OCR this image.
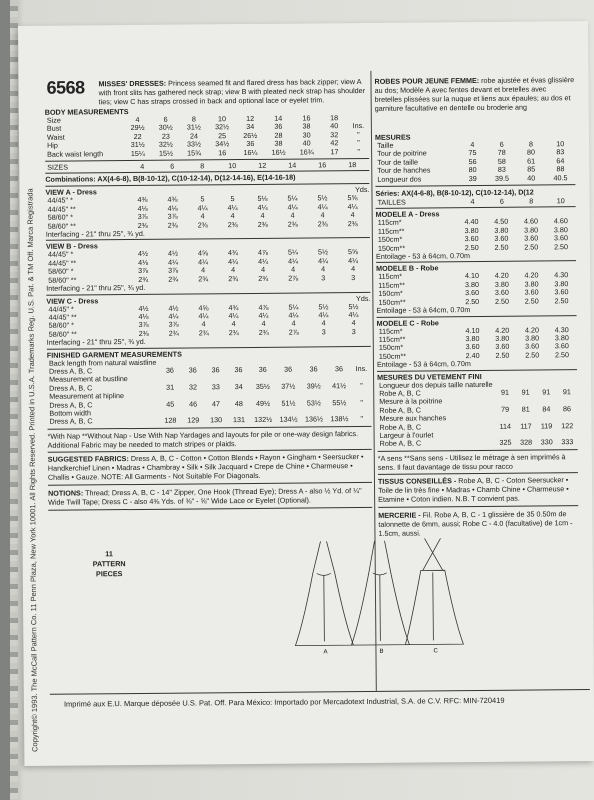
Copyright© 1993. The McCall Pattern Co. 11 Penn Plaza, New York 10001. All Rights Reserved. Printed in U.S.A. Trademarks Reg. U.S. Pat. & TM Off. Marca Registrada
6568 MISSES' DRESSES: Princess seamed fit and flared dress has back zipper; view A with front slits has gathered neck strap; view B with pleated neck strap has shoulder ties; view C has straps crossed in back and optional lace or eyelet trim.
BODY MEASUREMENTS
Size	4	6	8	10	12	14	16	18	
Bust	29½	30½	31½	32½	34	36	38	40	Ins.
Waist	22	23	24	25	26½	28	30	32	"
Hip	31½	32½	33½	34½	36	38	40	42	"
Back waist length	15¼	15½	15¾	16	16¼	16½	16¾	17	"
SIZES	4	6	8	10	12	14	16	18
Combinations: AX(4-6-8), B(8-10-12), C(10-12-14), D(12-14-16), E(14-16-18)
VIEW A - Dress	Yds.
44/45" *	4⅜	4⅜	5	5	5⅛	5¼	5½	5⅝
44/45" **	4⅛	4⅛	4¼	4¼	4¼	4¼	4¼	4¼
58/60" *	3⅞	3⅞	4	4	4	4	4	4
58/60" **	2⅜	2⅜	2⅜	2⅜	2⅜	2⅜	2⅜	2⅜
Interfacing - 21" thru 25", ¾ yd.
VIEW B - Dress
44/45" *	4½	4½	4⅝	4¾	4⅞	5¼	5½	5⅝
44/45" **	4⅛	4¼	4¼	4¼	4¼	4¼	4¼	4¼
58/60" *	3⅞	3⅞	4	4	4	4	4	4
58/60" **	2¾	2¾	2¾	2¾	2¾	2⅞	3	3
Interfacing - 21" thru 25", ¾ yd.
VIEW C - Dress	Yds.
44/45" *	4½	4½	4⅝	4¾	4⅞	5¼	5½	5½
44/45" **	4⅛	4¼	4¼	4¼	4¼	4¼	4¼	4¼
58/60" *	3⅞	3⅞	4	4	4	4	4	4
58/60" **	2⅜	2¾	2¾	2¾	2¾	2⅞	3	3
Interfacing - 21" thru 25", ¾ yd.
FINISHED GARMENT MEASUREMENTS
Back length from natural waistline									
Dress A, B, C	36	36	36	36	36	36	36	36	Ins.
Measurement at bustline									
Dress A, B, C	31	32	33	34	35½	37½	39½	41½	"
Measurement at hipline									
Dress A, B, C	45	46	47	48	49½	51½	53½	55½	"
Bottom width									
Dress A, B, C	128	129	130	131	132½	134½	136½	138½	"
*With Nap **Without Nap - Use With Nap Yardages and layouts for pile or one-way design fabrics. Additional Fabric may be needed to match stripes or plaids.
SUGGESTED FABRICS: Dress A, B, C - Cotton • Cotton Blends • Rayon • Gingham • Seersucker • Handkerchief Linen • Madras • Chambray • Silk • Silk Jacquard • Crepe de Chine • Charmeuse • Challis • Gauze. NOTE: All Garments - Not Suitable For Diagonals.
NOTIONS: Thread; Dress A, B, C - 14" Zipper, One Hook (Thread Eye); Dress A - also ½ Yd. of ¼" Wide Twill Tape; Dress C - also 4⅜ Yds. of ⅜" - ⅝" Wide Lace or Eyelet (Optional).
11
PATTERN
PIECES
A	B	C
ROBES POUR JEUNE FEMME: robe ajustée et évas glissière au dos; Modèle A avec fentes devant et bretelles avec bretelles plissées sur la nuque et liens aux épaules; au dos et garniture facultative en dentelle ou broderie ang
MESURES
Taille	4	6	8	10
Tour de poitrine	75	78	80	83
Tour de taille	56	58	61	64
Tour de hanches	80	83	85	88
Longueur dos	39	39.5	40	40.5
Séries: AX(4-6-8), B(8-10-12), C(10-12-14), D(12
TAILLES	4	6	8	10
MODELE A - Dress
115cm*	4.40	4.50	4.60	4.60
115cm**	3.80	3.80	3.80	3.80
150cm*	3.60	3.60	3.60	3.60
150cm**	2.50	2.50	2.50	2.50
Entoilage - 53 à 64cm, 0.70m
MODELE B - Robe
115cm*	4.10	4.20	4.20	4.30
115cm**	3.80	3.80	3.80	3.80
150cm*	3.60	3.60	3.60	3.60
150cm**	2.50	2.50	2.50	2.50
Entoilage - 53 à 64cm, 0.70m
MODELE C - Robe
115cm*	4.10	4.20	4.20	4.30
115cm**	3.80	3.80	3.80	3.80
150cm*	3.60	3.60	3.60	3.60
150cm**	2.40	2.50	2.50	2.50
Entoilage - 53 à 64cm, 0.70m
MESURES DU VETEMENT FINI
Longueur dos depuis taille naturelle				
Robe A, B, C	91	91	91	91
Mesure à la poitrine				
Robe A, B, C	79	81	84	86
Mesure aux hanches				
Robe A, B, C	114	117	119	122
Largeur à l'ourlet				
Robe A, B, C	325	328	330	333
*A sens **Sans sens - Utilisez le métrage à sen imprimés à sens. Il faut davantage de tissu pour racco
TISSUS CONSEILLÉS - Robe A, B, C - Coton Seersucker • Toile de lin très fine • Madras • Chamb Chine • Charmeuse • Etamine • Coton indien. N.B. T convient pas.
MERCERIE - Fil. Robe A, B, C - 1 glissière de 35 0.50m de talonnette de 6mm, aussi; Robe C - 4.0 (facultative) de 1cm - 1.5cm, aussi.
Imprimé aux E.U. Marque déposée U.S. Pat. Off. Para México: Importado por Mercadotext Industrial, S.A. de C.V. RFC: MIN-720419
